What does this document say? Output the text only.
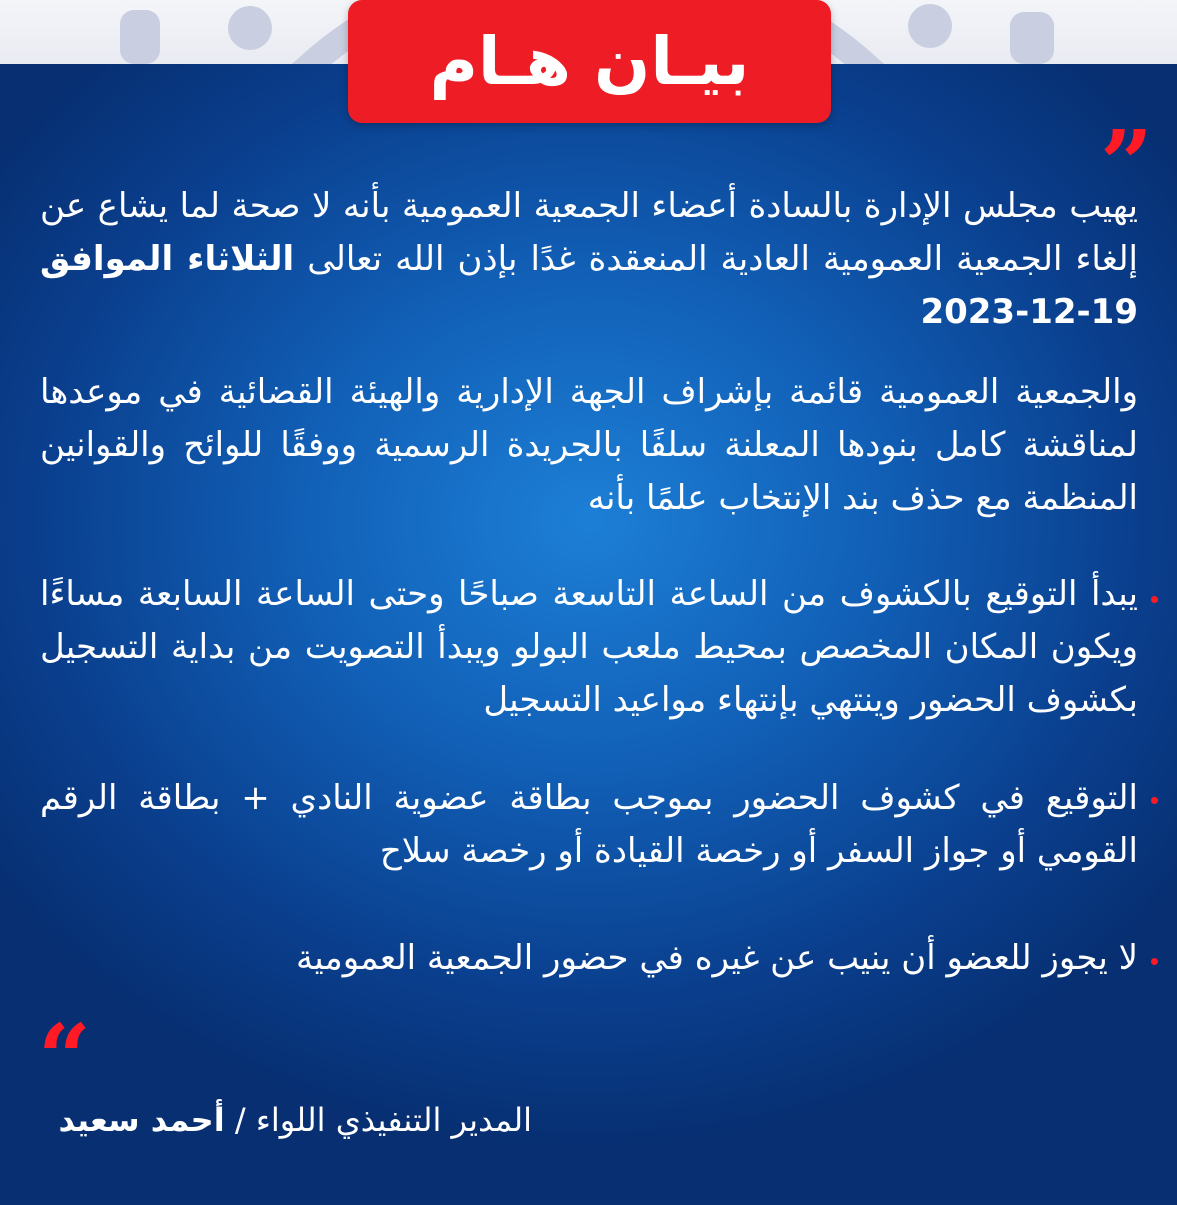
بيـان هـام
”

يهيب مجلس الإدارة بالسادة أعضاء الجمعية العمومية بأنه لا صحة لما يشاع عن إلغاء الجمعية العمومية العادية المنعقدة غدًا بإذن الله تعالى الثلاثاء الموافق 19-12-2023

والجمعية العمومية قائمة بإشراف الجهة الإدارية والهيئة القضائية في موعدها لمناقشة كامل بنودها المعلنة سلفًا بالجريدة الرسمية ووفقًا للوائح والقوانين المنظمة مع حذف بند الإنتخاب علمًا بأنه

يبدأ التوقيع بالكشوف من الساعة التاسعة صباحًا وحتى الساعة السابعة مساءًا ويكون المكان المخصص بمحيط ملعب البولو ويبدأ التصويت من بداية التسجيل بكشوف الحضور وينتهي بإنتهاء مواعيد التسجيل

التوقيع في كشوف الحضور بموجب بطاقة عضوية النادي + بطاقة الرقم القومي أو جواز السفر أو رخصة القيادة أو رخصة سلاح

لا يجوز للعضو أن ينيب عن غيره في حضور الجمعية العمومية

“
المدير التنفيذي اللواء / أحمد سعيد
